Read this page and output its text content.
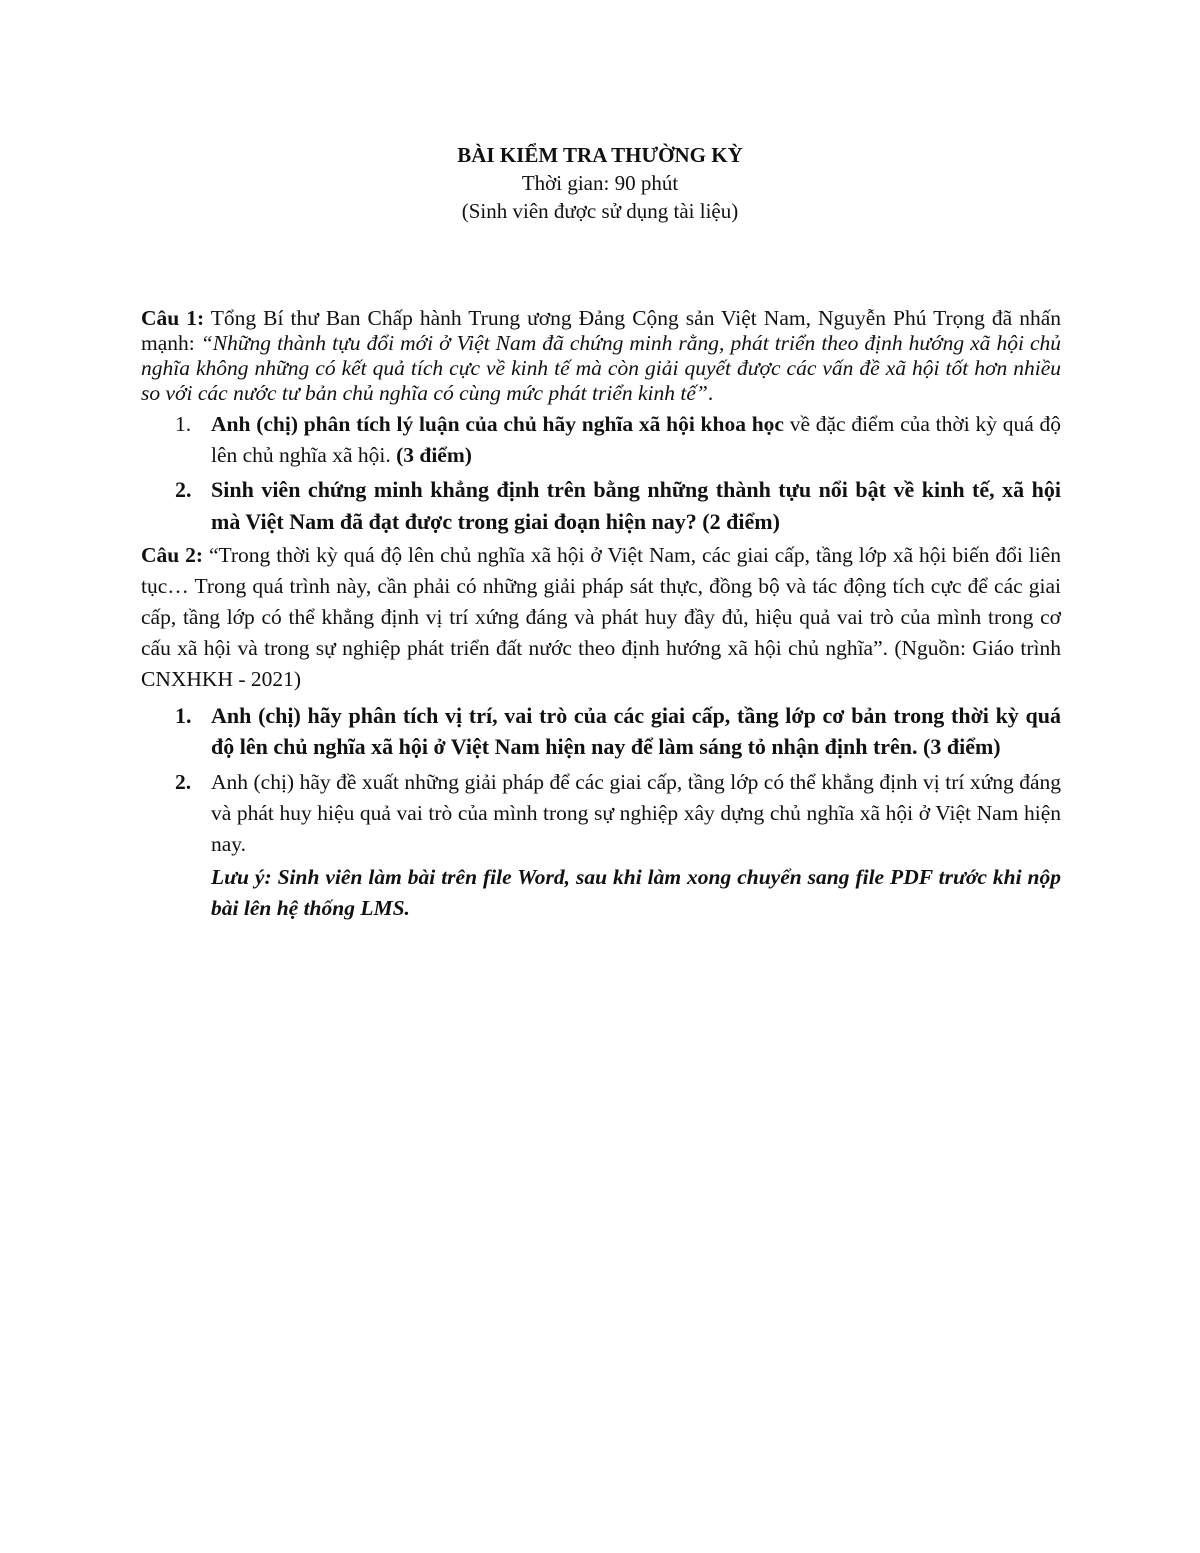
BÀI KIỂM TRA THƯỜNG KỲ
Thời gian: 90 phút
(Sinh viên được sử dụng tài liệu)

Câu 1: Tổng Bí thư Ban Chấp hành Trung ương Đảng Cộng sản Việt Nam, Nguyễn Phú Trọng đã nhấn mạnh: “Những thành tựu đổi mới ở Việt Nam đã chứng minh rằng, phát triển theo định hướng xã hội chủ nghĩa không những có kết quả tích cực về kinh tế mà còn giải quyết được các vấn đề xã hội tốt hơn nhiều so với các nước tư bản chủ nghĩa có cùng mức phát triển kinh tế”.

1. Anh (chị) phân tích lý luận của chủ hãy nghĩa xã hội khoa học về đặc điểm của thời kỳ quá độ lên chủ nghĩa xã hội. (3 điểm)
2. Sinh viên chứng minh khẳng định trên bằng những thành tựu nổi bật về kinh tế, xã hội mà Việt Nam đã đạt được trong giai đoạn hiện nay? (2 điểm)

Câu 2: “Trong thời kỳ quá độ lên chủ nghĩa xã hội ở Việt Nam, các giai cấp, tầng lớp xã hội biến đổi liên tục… Trong quá trình này, cần phải có những giải pháp sát thực, đồng bộ và tác động tích cực để các giai cấp, tầng lớp có thể khẳng định vị trí xứng đáng và phát huy đầy đủ, hiệu quả vai trò của mình trong cơ cấu xã hội và trong sự nghiệp phát triển đất nước theo định hướng xã hội chủ nghĩa”. (Nguồn: Giáo trình CNXHKH - 2021)

1. Anh (chị) hãy phân tích vị trí, vai trò của các giai cấp, tầng lớp cơ bản trong thời kỳ quá độ lên chủ nghĩa xã hội ở Việt Nam hiện nay để làm sáng tỏ nhận định trên. (3 điểm)
2. Anh (chị) hãy đề xuất những giải pháp để các giai cấp, tầng lớp có thể khẳng định vị trí xứng đáng và phát huy hiệu quả vai trò của mình trong sự nghiệp xây dựng chủ nghĩa xã hội ở Việt Nam hiện nay.
Lưu ý: Sinh viên làm bài trên file Word, sau khi làm xong chuyển sang file PDF trước khi nộp bài lên hệ thống LMS.
